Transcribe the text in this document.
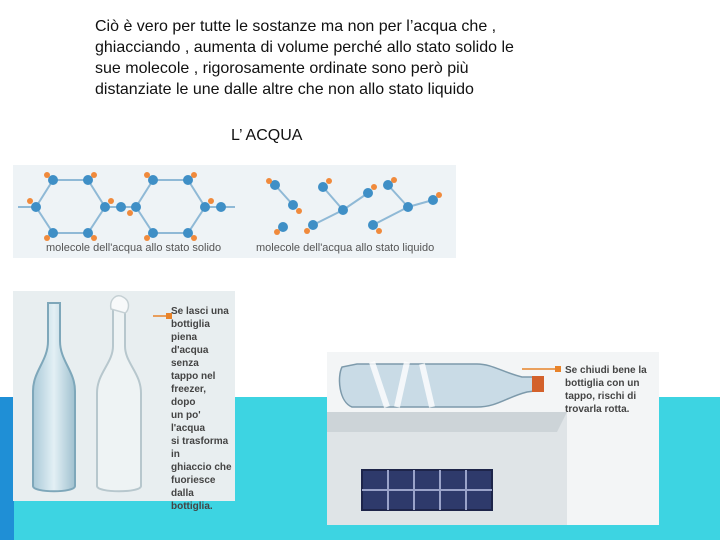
Ciò è vero per tutte le sostanze ma non per l’acqua che ,
ghiacciando , aumenta di volume perché allo stato solido le
sue molecole , rigorosamente ordinate sono però più
distanziate le une dalle altre che non allo stato liquido
L’ ACQUA
molecole dell'acqua allo stato solido	molecole dell'acqua allo stato liquido
Se lasci una
bottiglia piena
d'acqua senza
tappo nel
freezer, dopo
un po' l'acqua
si trasforma in
ghiaccio che
fuoriesce dalla
bottiglia.
Se chiudi bene la
bottiglia con un
tappo, rischi di
trovarla rotta.
